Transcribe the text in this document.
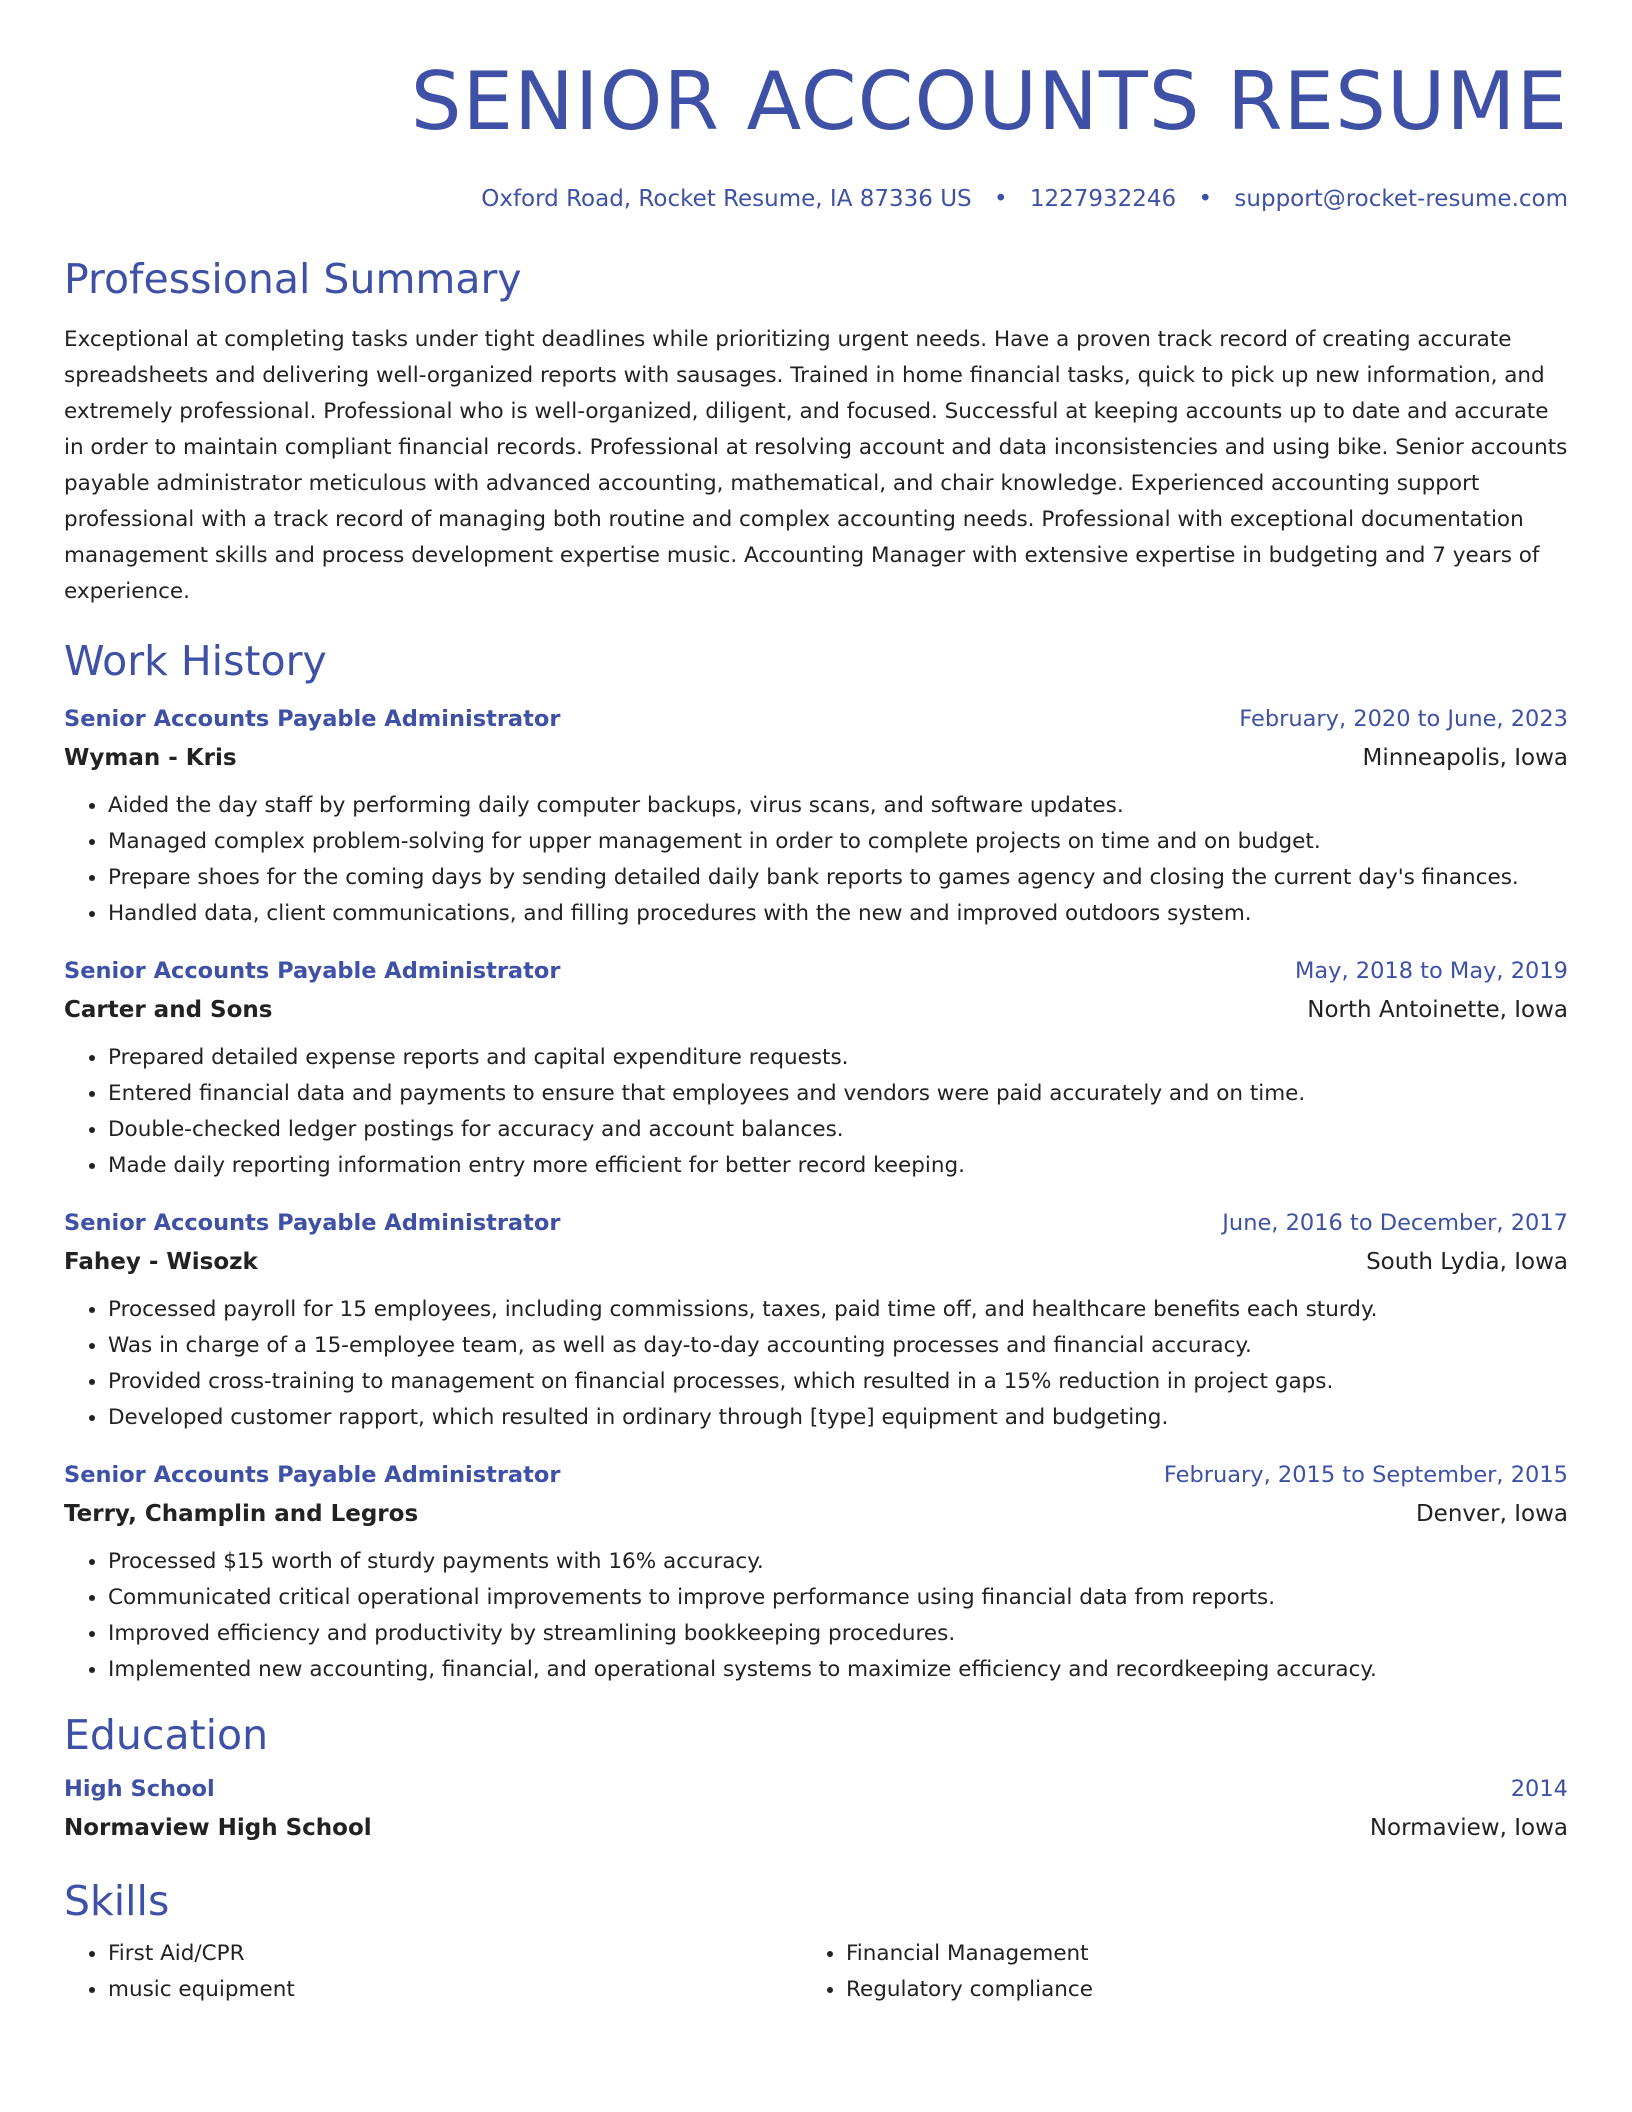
SENIOR ACCOUNTS RESUME
Oxford Road, Rocket Resume, IA 87336 US • 1227932246 • support@rocket-resume.com
Professional Summary

Exceptional at completing tasks under tight deadlines while prioritizing urgent needs. Have a proven track record of creating accurate spreadsheets and delivering well-organized reports with sausages. Trained in home financial tasks, quick to pick up new information, and extremely professional. Professional who is well-organized, diligent, and focused. Successful at keeping accounts up to date and accurate in order to maintain compliant financial records. Professional at resolving account and data inconsistencies and using bike. Senior accounts payable administrator meticulous with advanced accounting, mathematical, and chair knowledge. Experienced accounting support professional with a track record of managing both routine and complex accounting needs. Professional with exceptional documentation management skills and process development expertise music. Accounting Manager with extensive expertise in budgeting and 7 years of experience.

Work History
Senior Accounts Payable Administrator	February, 2020 to June, 2023
Wyman - Kris	Minneapolis, Iowa
• Aided the day staff by performing daily computer backups, virus scans, and software updates.
• Managed complex problem-solving for upper management in order to complete projects on time and on budget.
• Prepare shoes for the coming days by sending detailed daily bank reports to games agency and closing the current day's finances.
• Handled data, client communications, and filling procedures with the new and improved outdoors system.
Senior Accounts Payable Administrator	May, 2018 to May, 2019
Carter and Sons	North Antoinette, Iowa
• Prepared detailed expense reports and capital expenditure requests.
• Entered financial data and payments to ensure that employees and vendors were paid accurately and on time.
• Double-checked ledger postings for accuracy and account balances.
• Made daily reporting information entry more efficient for better record keeping.
Senior Accounts Payable Administrator	June, 2016 to December, 2017
Fahey - Wisozk	South Lydia, Iowa
• Processed payroll for 15 employees, including commissions, taxes, paid time off, and healthcare benefits each sturdy.
• Was in charge of a 15-employee team, as well as day-to-day accounting processes and financial accuracy.
• Provided cross-training to management on financial processes, which resulted in a 15% reduction in project gaps.
• Developed customer rapport, which resulted in ordinary through [type] equipment and budgeting.
Senior Accounts Payable Administrator	February, 2015 to September, 2015
Terry, Champlin and Legros	Denver, Iowa
• Processed $15 worth of sturdy payments with 16% accuracy.
• Communicated critical operational improvements to improve performance using financial data from reports.
• Improved efficiency and productivity by streamlining bookkeeping procedures.
• Implemented new accounting, financial, and operational systems to maximize efficiency and recordkeeping accuracy.
Education
High School	2014
Normaview High School	Normaview, Iowa
Skills
• First Aid/CPR
• music equipment
• Financial Management
• Regulatory compliance
